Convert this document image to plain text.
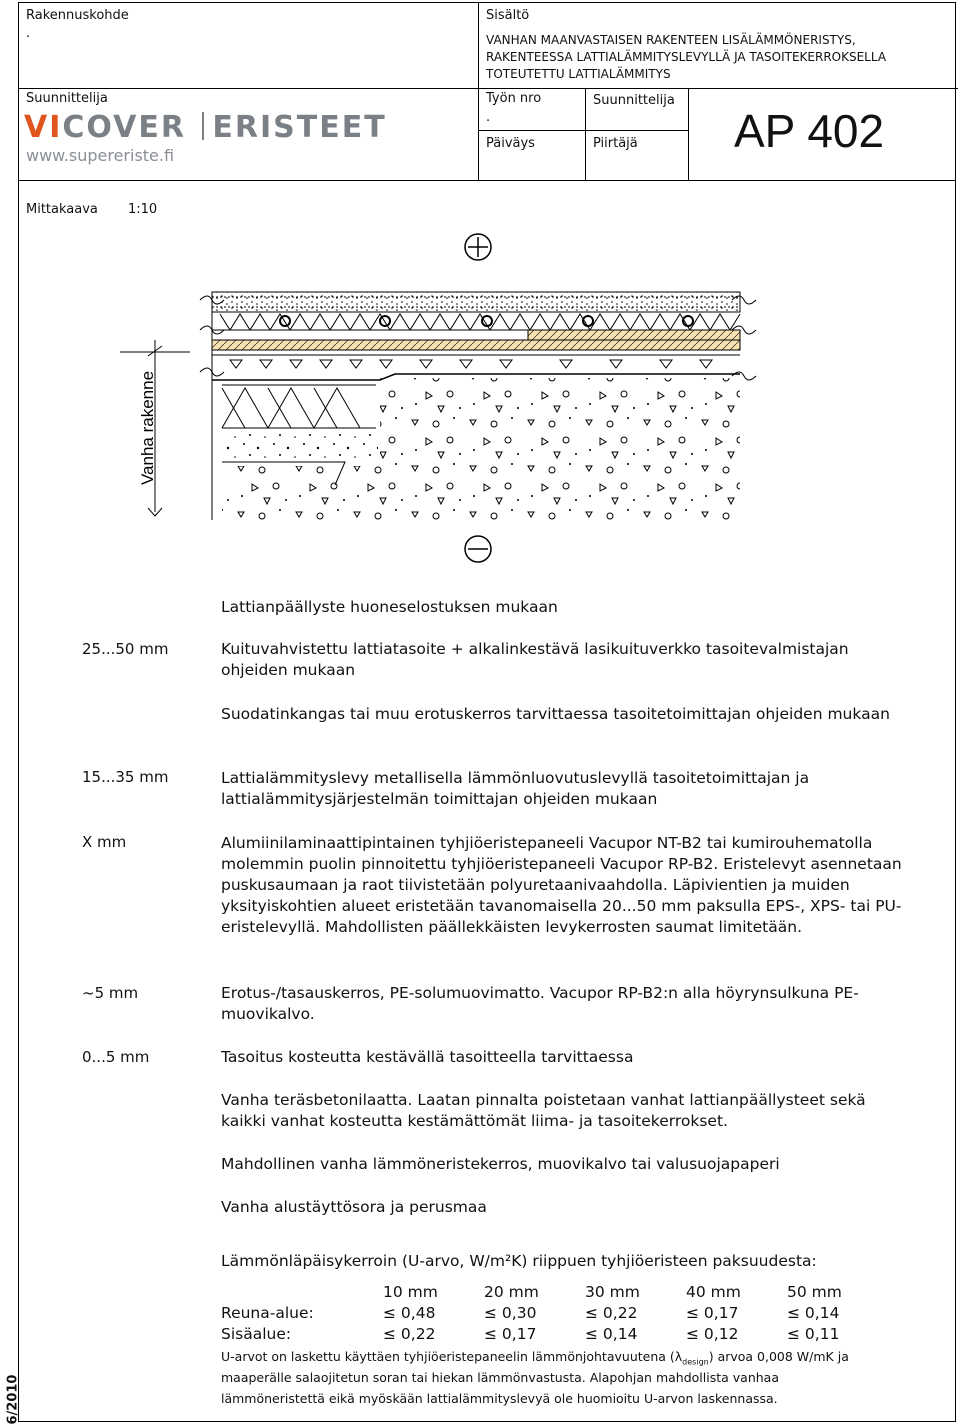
Rakennuskohde
.
Suunnittelija
VICOVER ERISTEET
www.supereriste.fi
Sisältö
VANHAN MAANVASTAISEN RAKENTEEN LISÄLÄMMÖNERISTYS,
RAKENTEESSA LATTIALÄMMITYSLEVYLLÄ JA TASOITEKERROKSELLA
TOTEUTETTU LATTIALÄMMITYS
Työn nro
.
Suunnittelija
Päiväys	Piirtäjä AP 402
Mittakaava 1:10
Vanha rakenne
Lattianpäällyste huoneselostuksen mukaan
25...50 mm	Kuituvahvistettu lattiatasoite + alkalinkestävä lasikuituverkko tasoitevalmistajan ohjeiden mukaan
Suodatinkangas tai muu erotuskerros tarvittaessa tasoitetoimittajan ohjeiden mukaan
15...35 mm	Lattialämmityslevy metallisella lämmönluovutuslevyllä tasoitetoimittajan ja lattialämmitysjärjestelmän toimittajan ohjeiden mukaan
X mm	Alumiinilaminaattipintainen tyhjiöeristepaneeli Vacupor NT-B2 tai kumirouhematolla molemmin puolin pinnoitettu tyhjiöeristepaneeli Vacupor RP-B2. Eristelevyt asennetaan puskusaumaan ja raot tiivistetään polyuretaanivaahdolla. Läpivientien ja muiden yksityiskohtien alueet eristetään tavanomaisella 20...50 mm paksulla EPS-, XPS- tai PU-eristelevyllä. Mahdollisten päällekkäisten levykerrosten saumat limitetään.
~5 mm	Erotus-/tasauskerros, PE-solumuovimatto. Vacupor RP-B2:n alla höyrynsulkuna PE-muovikalvo.
0...5 mm	Tasoitus kosteutta kestävällä tasoitteella tarvittaessa
Vanha teräsbetonilaatta. Laatan pinnalta poistetaan vanhat lattianpäällysteet sekä kaikki vanhat kosteutta kestämättömät liima- ja tasoitekerrokset.
Mahdollinen vanha lämmöneristekerros, muovikalvo tai valusuojapaperi
Vanha alustäyttösora ja perusmaa
Lämmönläpäisykerroin (U-arvo, W/m²K) riippuen tyhjiöeristeen paksuudesta:
	10 mm	20 mm	30 mm	40 mm	50 mm
Reuna-alue:	≤ 0,48	≤ 0,30	≤ 0,22	≤ 0,17	≤ 0,14
Sisäalue:	≤ 0,22	≤ 0,17	≤ 0,14	≤ 0,12	≤ 0,11
U-arvot on laskettu käyttäen tyhjiöeristepaneelin lämmönjohtavuutena $(\lambda_{design})$ arvoa 0,008 W/mK ja
maaperälle salaojitetun soran tai hiekan lämmönvastusta. Alapohjan mahdollista vanhaa
lämmöneristettä eikä myöskään lattialämmityslevyä ole huomioitu U-arvon laskennassa.
6/2010
